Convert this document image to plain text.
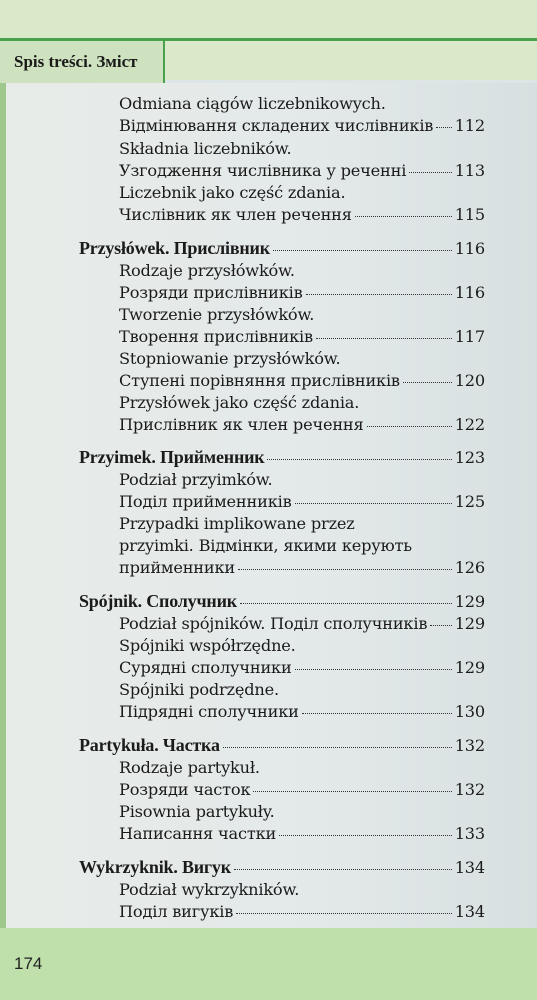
Spis treści. Зміст
Odmiana ciągów liczebnikowych.
Відмінювання складених числівників 112
Składnia liczebników.
Узгодження числівника у реченні	113
Liczebnik jako część zdania.
Числівник як член речення	115
Przysłówek. Прислівник	116
Rodzaje przysłówków.
Розряди прислівників	116
Tworzenie przysłówków.
Творення прислівників	117
Stopniowanie przysłówków.
Ступені порівняння прислівників	120
Przysłówek jako część zdania.
Прислівник як член речення	122
Przyimek. Прийменник	123
Podział przyimków.
Поділ прийменників	125
Przypadki implikowane przez
przyimki. Відмінки, якими керують
прийменники	126
Spójnik. Сполучник	129
Podział spójników. Поділ сполучників 129
Spójniki współrzędne.
Сурядні сполучники	129
Spójniki podrzędne.
Підрядні сполучники	130
Partykuła. Частка	132
Rodzaje partykuł.
Розряди часток	132
Pisownia partykuły.
Написання частки	133
Wykrzyknik. Вигук	134
Podział wykrzykników.
Поділ вигуків	134
174
